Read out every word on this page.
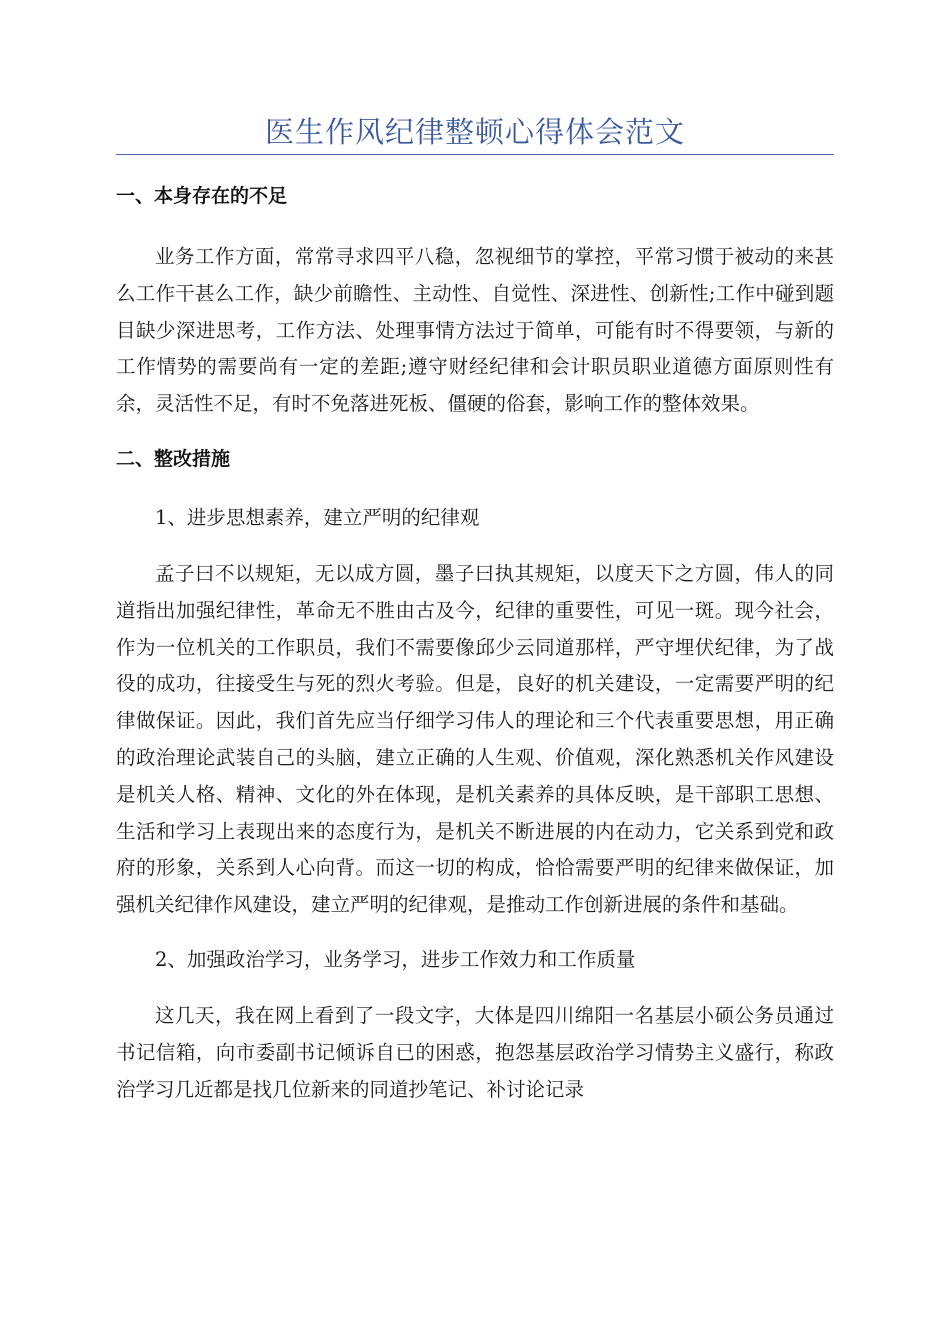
医生作风纪律整顿心得体会范文
一、本身存在的不足

业务工作方面，常常寻求四平八稳，忽视细节的掌控，平常习惯于被动的来甚么工作干甚么工作，缺少前瞻性、主动性、自觉性、深进性、创新性;工作中碰到题目缺少深进思考，工作方法、处理事情方法过于简单，可能有时不得要领，与新的工作情势的需要尚有一定的差距;遵守财经纪律和会计职员职业道德方面原则性有余，灵活性不足，有时不免落进死板、僵硬的俗套，影响工作的整体效果。

二、整改措施
1、进步思想素养，建立严明的纪律观

孟子曰不以规矩，无以成方圆，墨子曰执其规矩，以度天下之方圆，伟人的同道指出加强纪律性，革命无不胜由古及今，纪律的重要性，可见一斑。现今社会，作为一位机关的工作职员，我们不需要像邱少云同道那样，严守埋伏纪律，为了战役的成功，往接受生与死的烈火考验。但是，良好的机关建设，一定需要严明的纪律做保证。因此，我们首先应当仔细学习伟人的理论和三个代表重要思想，用正确的政治理论武装自己的头脑，建立正确的人生观、价值观，深化熟悉机关作风建设是机关人格、精神、文化的外在体现，是机关素养的具体反映，是干部职工思想、生活和学习上表现出来的态度行为，是机关不断进展的内在动力，它关系到党和政府的形象，关系到人心向背。而这一切的构成，恰恰需要严明的纪律来做保证，加强机关纪律作风建设，建立严明的纪律观，是推动工作创新进展的条件和基础。

2、加强政治学习，业务学习，进步工作效力和工作质量

这几天，我在网上看到了一段文字，大体是四川绵阳一名基层小硕公务员通过书记信箱，向市委副书记倾诉自已的困惑，抱怨基层政治学习情势主义盛行，称政治学习几近都是找几位新来的同道抄笔记、补讨论记录
